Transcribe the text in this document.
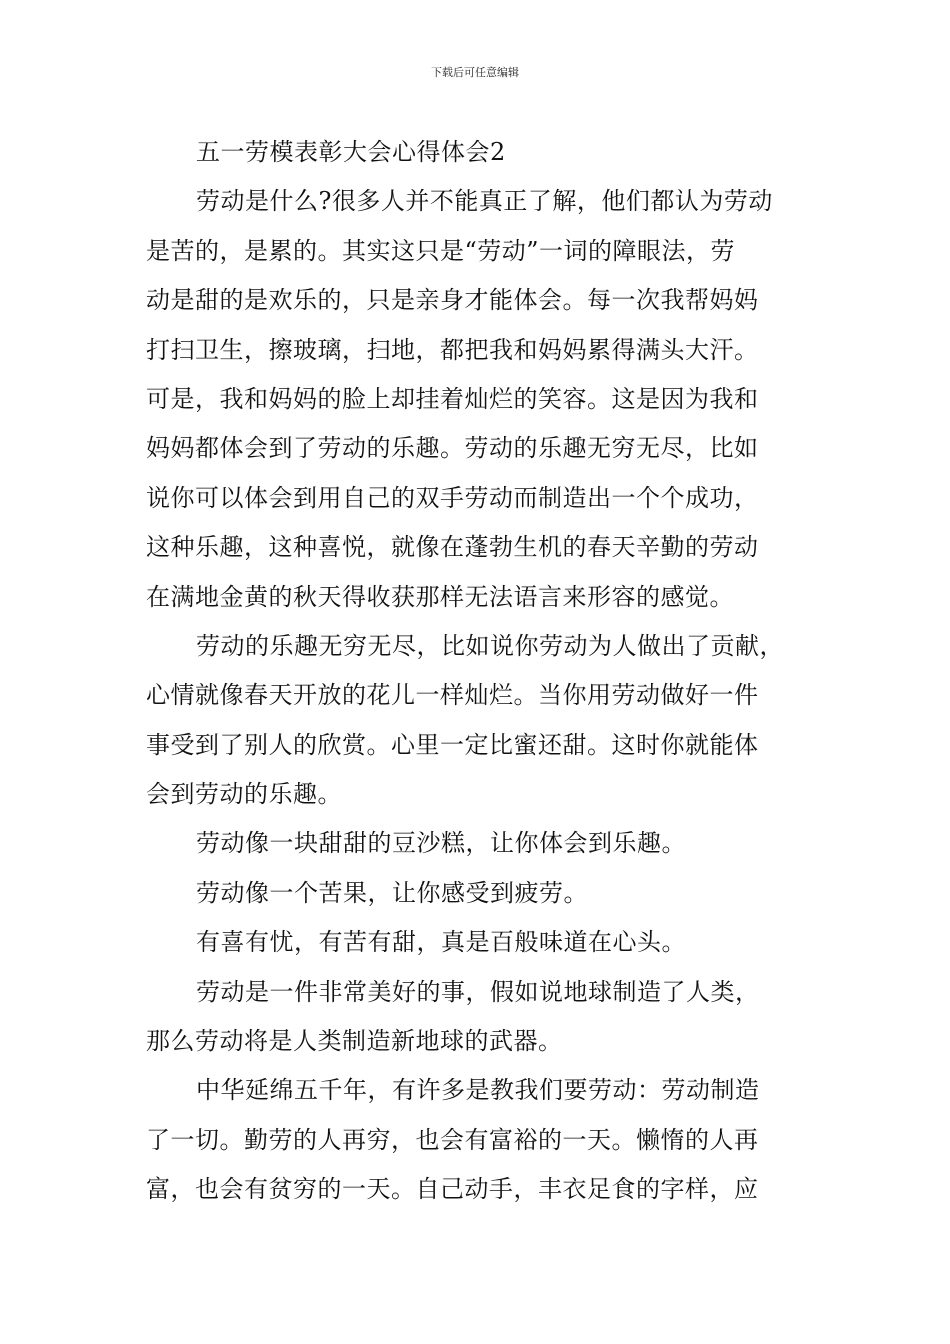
下载后可任意编辑
五一劳模表彰大会心得体会2
劳动是什么?很多人并不能真正了解，他们都认为劳动
是苦的，是累的。其实这只是“劳动”一词的障眼法，劳
动是甜的是欢乐的，只是亲身才能体会。每一次我帮妈妈
打扫卫生，擦玻璃，扫地，都把我和妈妈累得满头大汗。
可是，我和妈妈的脸上却挂着灿烂的笑容。这是因为我和
妈妈都体会到了劳动的乐趣。劳动的乐趣无穷无尽，比如
说你可以体会到用自己的双手劳动而制造出一个个成功，
这种乐趣，这种喜悦，就像在蓬勃生机的春天辛勤的劳动
在满地金黄的秋天得收获那样无法语言来形容的感觉。
劳动的乐趣无穷无尽，比如说你劳动为人做出了贡献，
心情就像春天开放的花儿一样灿烂。当你用劳动做好一件
事受到了别人的欣赏。心里一定比蜜还甜。这时你就能体
会到劳动的乐趣。
劳动像一块甜甜的豆沙糕，让你体会到乐趣。
劳动像一个苦果，让你感受到疲劳。
有喜有忧，有苦有甜，真是百般味道在心头。
劳动是一件非常美好的事，假如说地球制造了人类，
那么劳动将是人类制造新地球的武器。
中华延绵五千年，有许多是教我们要劳动：劳动制造
了一切。勤劳的人再穷，也会有富裕的一天。懒惰的人再
富，也会有贫穷的一天。自己动手，丰衣足食的字样，应
